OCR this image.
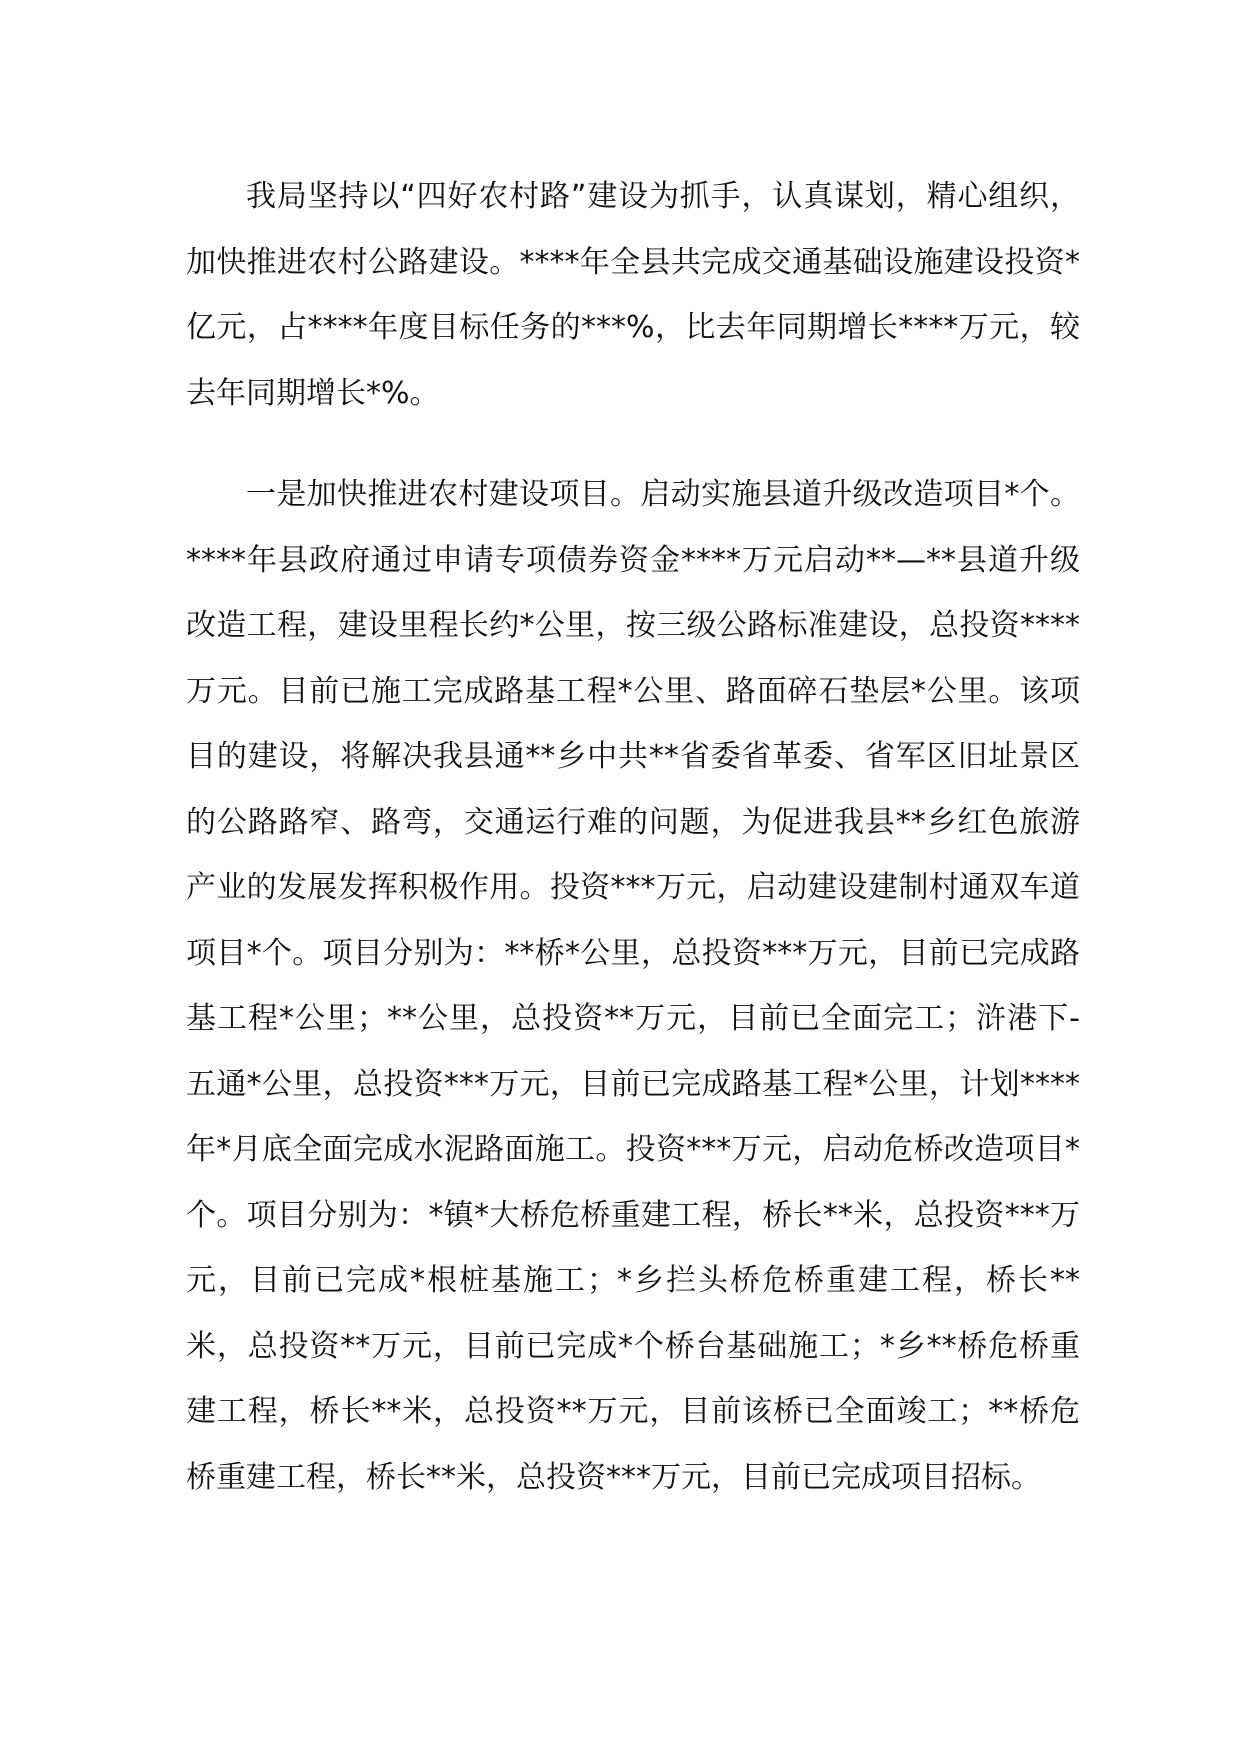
我局坚持以“四好农村路”建设为抓手，认真谋划，精心组织，加快推进农村公路建设。****年全县共完成交通基础设施建设投资*亿元，占****年度目标任务的***%，比去年同期增长****万元，较去年同期增长*%。

一是加快推进农村建设项目。启动实施县道升级改造项目*个。****年县政府通过申请专项债券资金****万元启动**—**县道升级改造工程，建设里程长约*公里，按三级公路标准建设，总投资****万元。目前已施工完成路基工程*公里、路面碎石垫层*公里。该项目的建设，将解决我县通**乡中共**省委省革委、省军区旧址景区的公路路窄、路弯，交通运行难的问题，为促进我县**乡红色旅游产业的发展发挥积极作用。投资***万元，启动建设建制村通双车道项目*个。项目分别为：**桥*公里，总投资***万元，目前已完成路基工程*公里；**公里，总投资**万元，目前已全面完工；浒港下-五通*公里，总投资***万元，目前已完成路基工程*公里，计划****年*月底全面完成水泥路面施工。投资***万元，启动危桥改造项目*个。项目分别为：*镇*大桥危桥重建工程，桥长**米，总投资***万元，目前已完成*根桩基施工；*乡拦头桥危桥重建工程，桥长**米，总投资**万元，目前已完成*个桥台基础施工；*乡**桥危桥重建工程，桥长**米，总投资**万元，目前该桥已全面竣工；**桥危桥重建工程，桥长**米，总投资***万元，目前已完成项目招标。
